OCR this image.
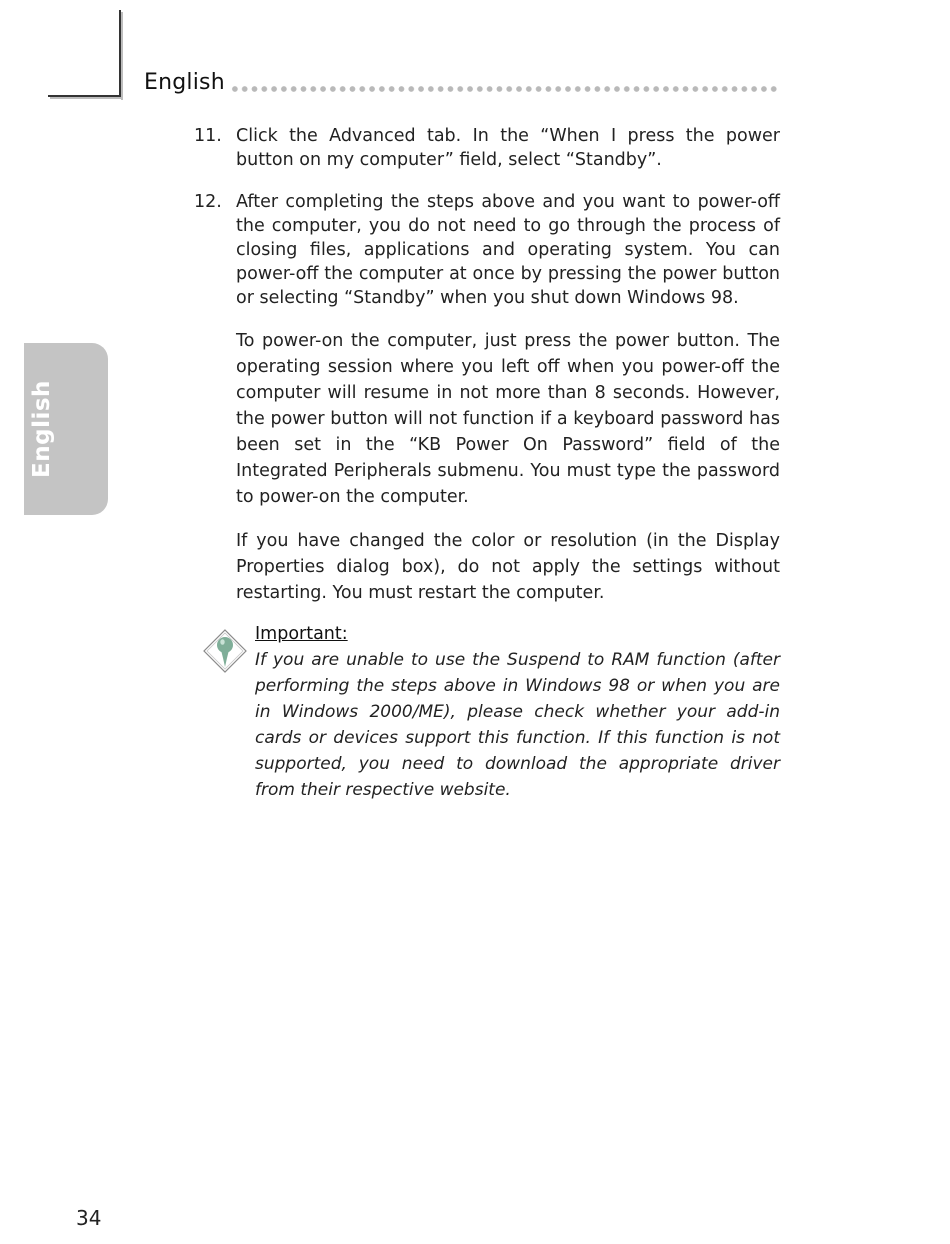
English
English
11. Click the Advanced tab. In the “When I press the power button on my computer” field, select “Standby”.
12. After completing the steps above and you want to power-off the computer, you do not need to go through the process of closing files, applications and operating system. You can power-off the computer at once by pressing the power button or selecting “Standby” when you shut down Windows 98.

To power-on the computer, just press the power button. The operating session where you left off when you power-off the computer will resume in not more than 8 seconds. However, the power button will not function if a keyboard password has been set in the “KB Power On Password” field of the Integrated Peripherals submenu. You must type the password to power-on the computer.

If you have changed the color or resolution (in the Display Properties dialog box), do not apply the settings without restarting. You must restart the computer.

Important:
If you are unable to use the Suspend to RAM function (after performing the steps above in Windows 98 or when you are in Windows 2000/ME), please check whether your add-in cards or devices support this function. If this function is not supported, you need to download the appropriate driver from their respective website.
34
